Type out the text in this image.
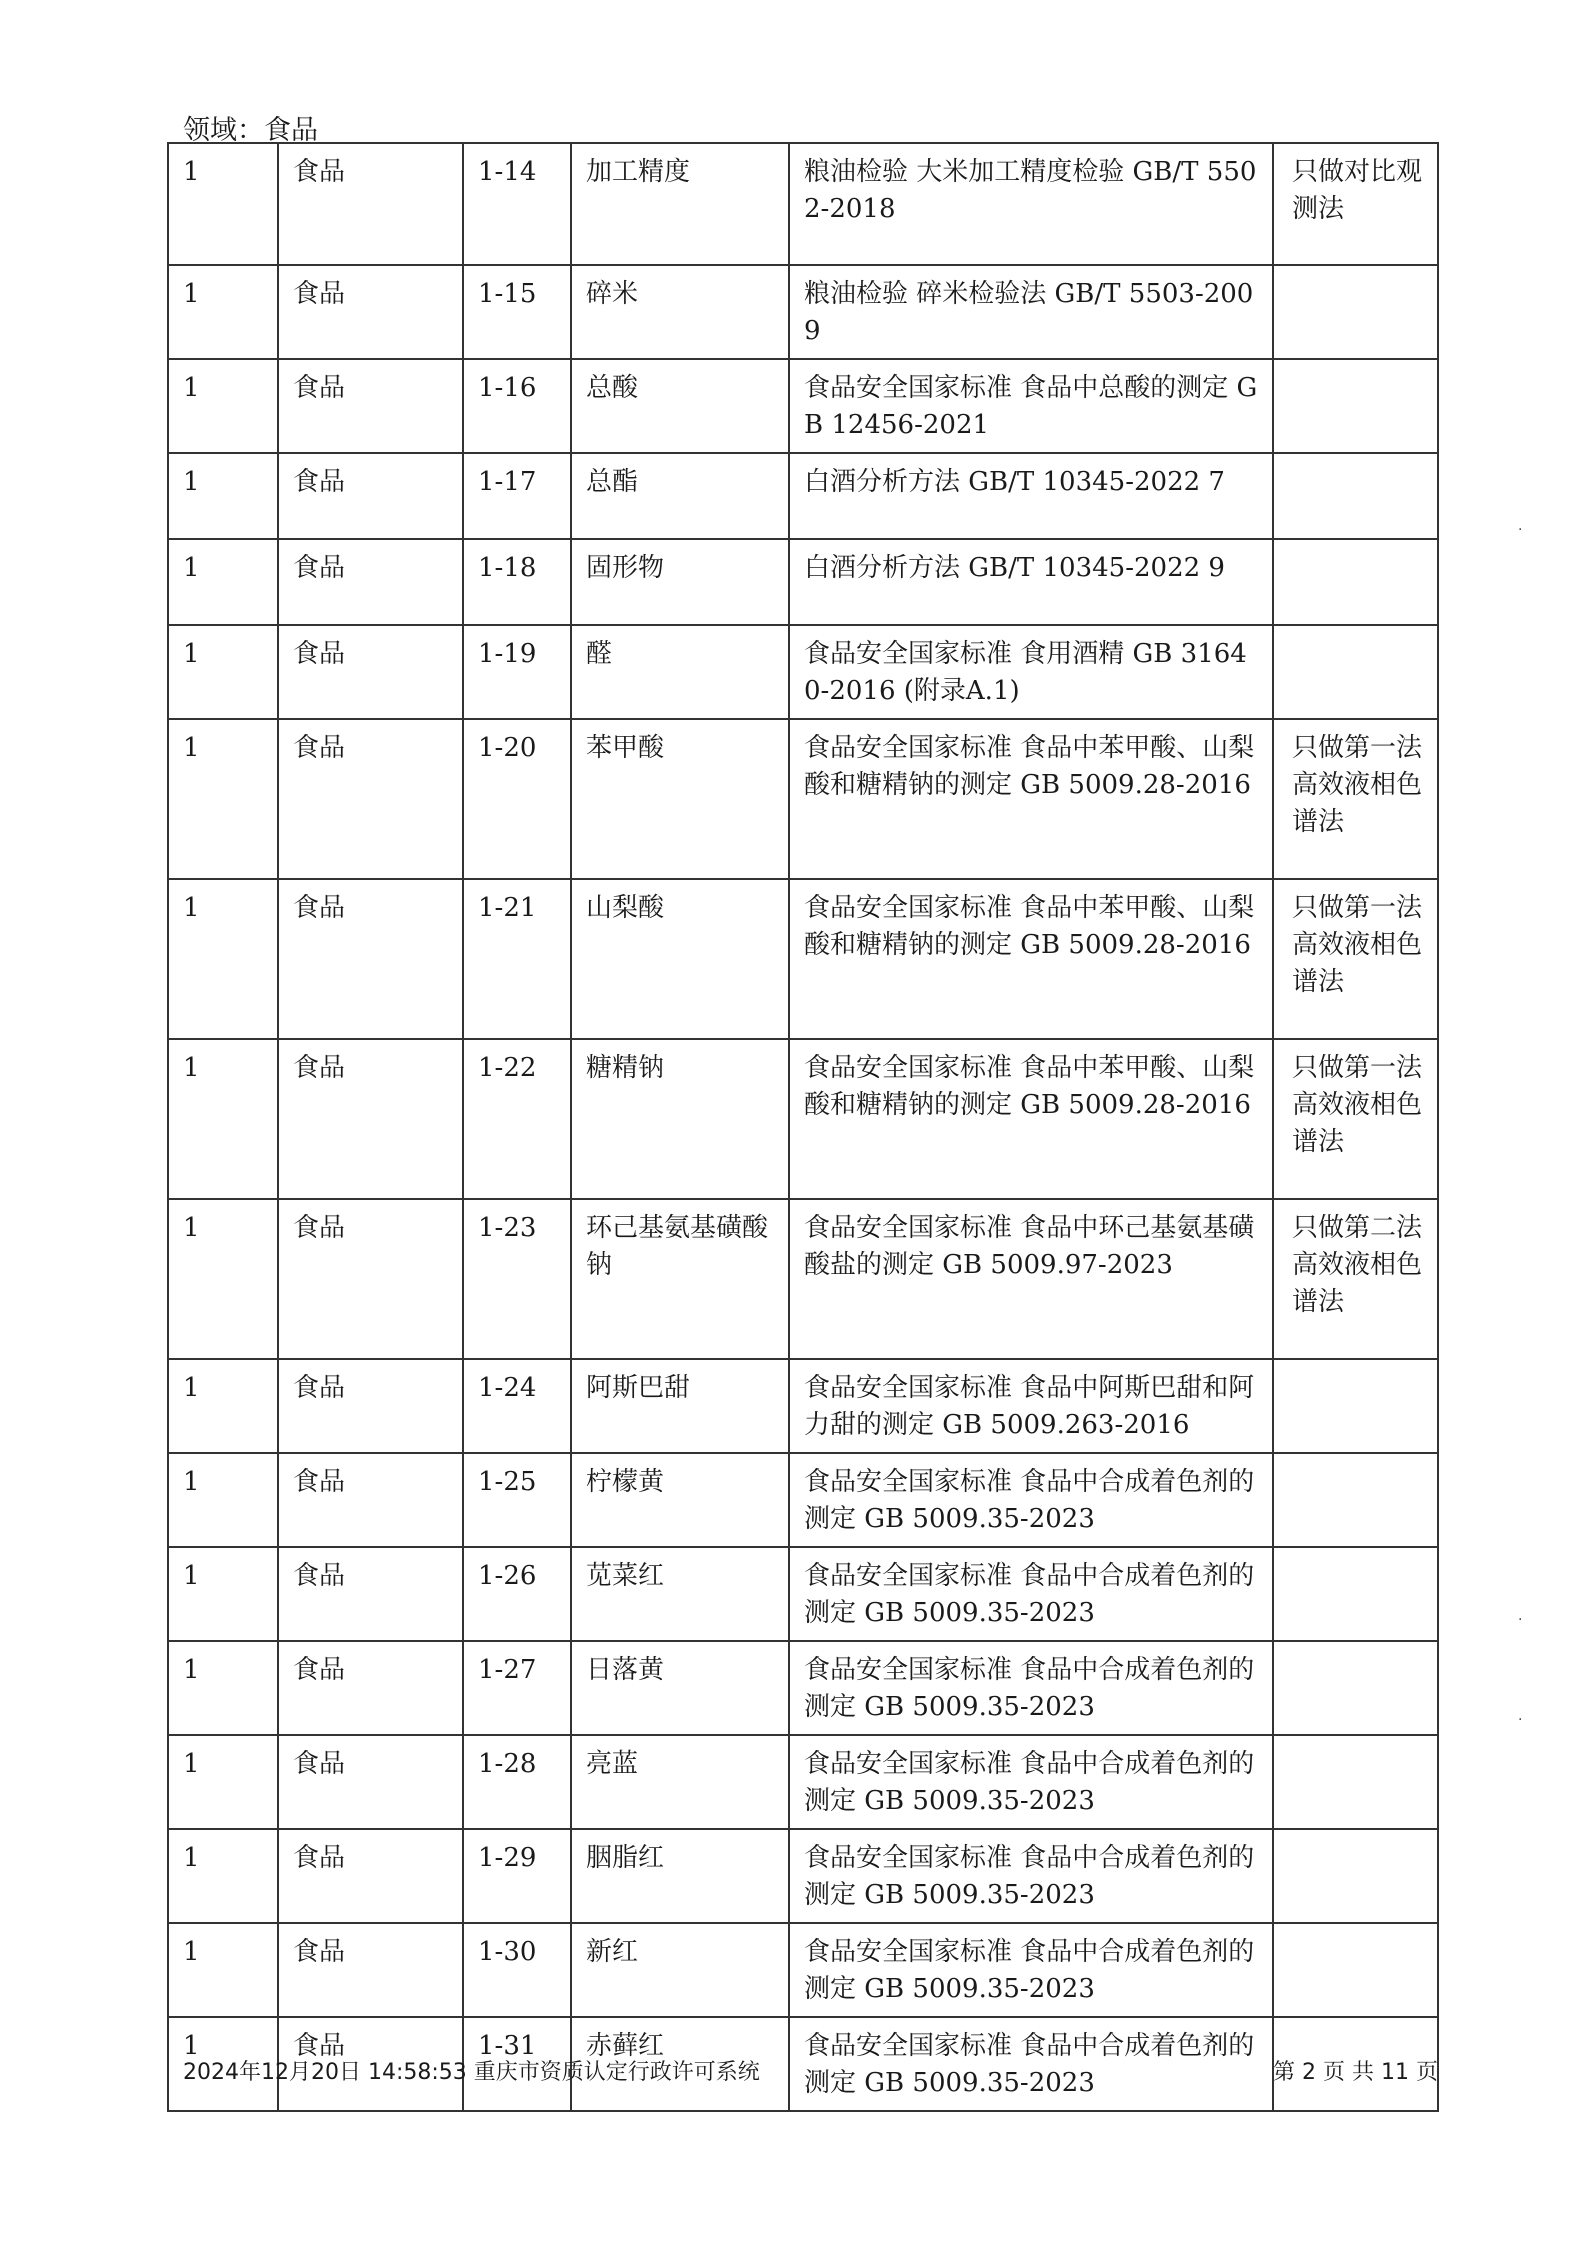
领域：食品
1	食品	1-14	加工精度	粮油检验 大米加工精度检验 GB/T 5502-2018	只做对比观测法
1	食品	1-15	碎米	粮油检验 碎米检验法 GB/T 5503-2009	
1	食品	1-16	总酸	食品安全国家标准 食品中总酸的测定 GB 12456-2021	
1	食品	1-17	总酯	白酒分析方法 GB/T 10345-2022 7	
1	食品	1-18	固形物	白酒分析方法 GB/T 10345-2022 9	
1	食品	1-19	醛	食品安全国家标准 食用酒精 GB 31640-2016 (附录A.1)	
1	食品	1-20	苯甲酸	食品安全国家标准 食品中苯甲酸、山梨酸和糖精钠的测定 GB 5009.28-2016	只做第一法 高效液相色谱法
1	食品	1-21	山梨酸	食品安全国家标准 食品中苯甲酸、山梨酸和糖精钠的测定 GB 5009.28-2016	只做第一法 高效液相色谱法
1	食品	1-22	糖精钠	食品安全国家标准 食品中苯甲酸、山梨酸和糖精钠的测定 GB 5009.28-2016	只做第一法 高效液相色谱法
1	食品	1-23	环己基氨基磺酸钠	食品安全国家标准 食品中环己基氨基磺酸盐的测定 GB 5009.97-2023	只做第二法高效液相色谱法
1	食品	1-24	阿斯巴甜	食品安全国家标准 食品中阿斯巴甜和阿力甜的测定 GB 5009.263-2016	
1	食品	1-25	柠檬黄	食品安全国家标准 食品中合成着色剂的测定 GB 5009.35-2023	
1	食品	1-26	苋菜红	食品安全国家标准 食品中合成着色剂的测定 GB 5009.35-2023	
1	食品	1-27	日落黄	食品安全国家标准 食品中合成着色剂的测定 GB 5009.35-2023	
1	食品	1-28	亮蓝	食品安全国家标准 食品中合成着色剂的测定 GB 5009.35-2023	
1	食品	1-29	胭脂红	食品安全国家标准 食品中合成着色剂的测定 GB 5009.35-2023	
1	食品	1-30	新红	食品安全国家标准 食品中合成着色剂的测定 GB 5009.35-2023	
1	食品	1-31	赤藓红	食品安全国家标准 食品中合成着色剂的测定 GB 5009.35-2023	
2024年12月20日 14:58:53 重庆市资质认定行政许可系统	第 2 页 共 11 页
·
·
·
